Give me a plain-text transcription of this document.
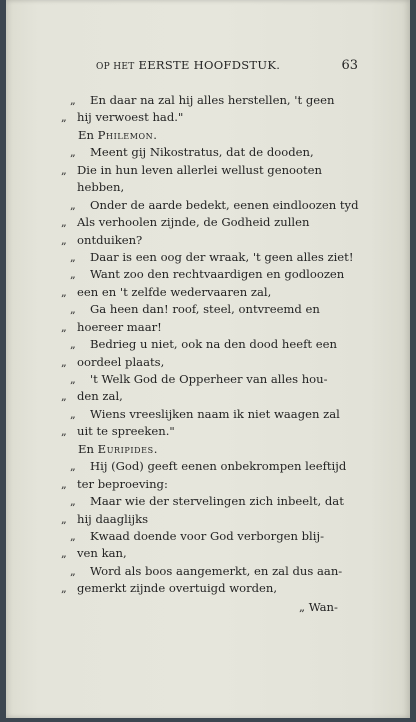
OP HET EERSTE HOOFDSTUK.	63
„ En daar na zal hij alles herstellen, 't geen
„ hij verwoest had."
En Philemon.
„ Meent gij Nikostratus, dat de dooden,
„ Die in hun leven allerlei wellust genooten
hebben,
„ Onder de aarde bedekt, eenen eindloozen tyd
„ Als verhoolen zijnde, de Godheid zullen
„ ontduiken?
„ Daar is een oog der wraak, 't geen alles ziet!
„ Want zoo den rechtvaardigen en godloozen
„ een en 't zelfde wedervaaren zal,
„ Ga heen dan! roof, steel, ontvreemd en
„ hoereer maar!
„ Bedrieg u niet, ook na den dood heeft een
„ oordeel plaats,
„ 't Welk God de Opperheer van alles hou-
„ den zal,
„ Wiens vreeslijken naam ik niet waagen zal
„ uit te spreeken."
En Euripides.
„ Hij (God) geeft eenen onbekrompen leeftijd
„ ter beproeving:
„ Maar wie der stervelingen zich inbeelt, dat
„ hij daaglijks
„ Kwaad doende voor God verborgen blij-
„ ven kan,
„ Word als boos aangemerkt, en zal dus aan-
„ gemerkt zijnde overtuigd worden,
„ Wan-
